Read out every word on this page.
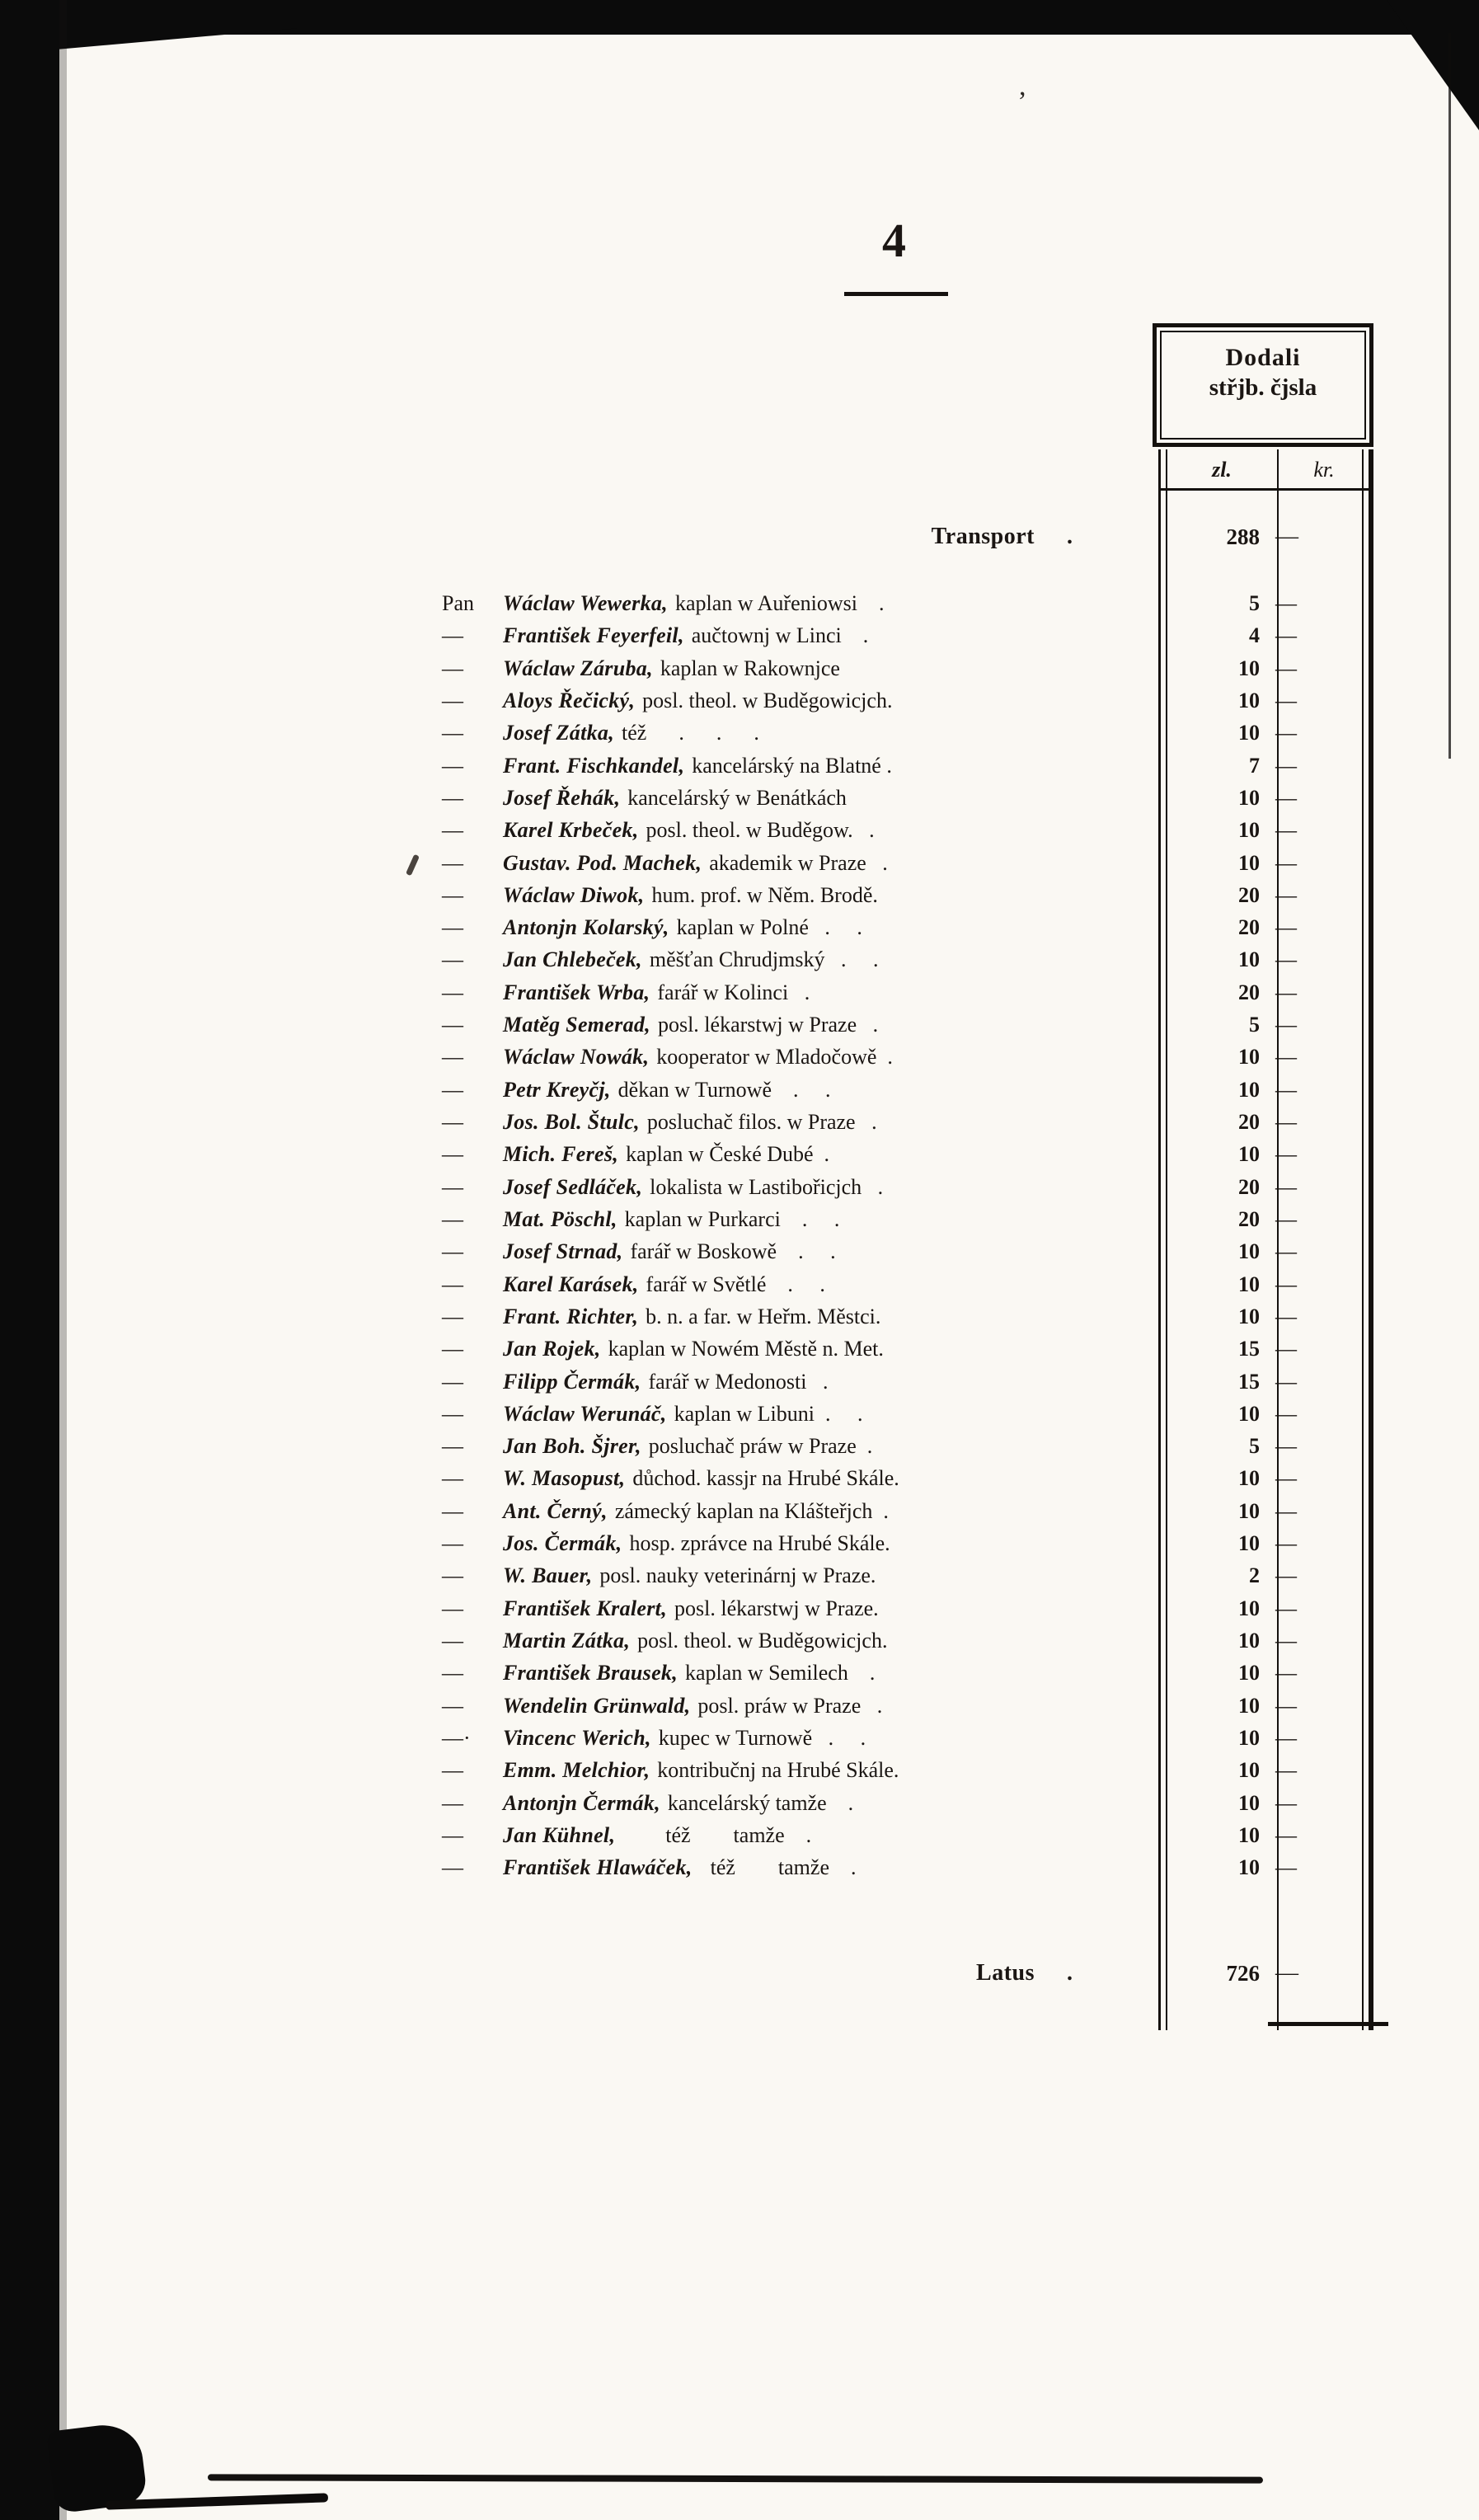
4
,
Dodali
střjb. čjsla
zl.	kr.
Transport .	288 —
Pan Wáclaw Wewerka, kaplan w Auřeniowsi    .	5 —
— František Feyerfeil, aučtownj w Linci    .	4 —
— Wáclaw Záruba, kaplan w Rakownjce	10 —
— Aloys Řečický, posl. theol. w Buděgowicjch.	10 —
— Josef Zátka, též      .      .      .	10 —
— Frant. Fischkandel, kancelárský na Blatné .	7 —
— Josef Řehák, kancelárský w Benátkách	10 —
— Karel Krbeček, posl. theol. w Buděgow.   .	10 —
— Gustav. Pod. Machek, akademik w Praze   .	10 —
— Wáclaw Diwok, hum. prof. w Něm. Brodě.	20 —
— Antonjn Kolarský, kaplan w Polné   .     .	20 —
— Jan Chlebeček, měšťan Chrudjmský   .     .	10 —
— František Wrba, farář w Kolinci   .	20 —
— Matěg Semerad, posl. lékarstwj w Praze   .	5 —
— Wáclaw Nowák, kooperator w Mladočowě  .	10 —
— Petr Kreyčj, děkan w Turnowě    .     .	10 —
— Jos. Bol. Štulc, posluchač filos. w Praze   .	20 —
— Mich. Fereš, kaplan w České Dubé  .	10 —
— Josef Sedláček, lokalista w Lastibořicjch   .	20 —
— Mat. Pöschl, kaplan w Purkarci    .     .	20 —
— Josef Strnad, farář w Boskowě    .     .	10 —
— Karel Karásek, farář w Světlé    .     .	10 —
— Frant. Richter, b. n. a far. w Heřm. Městci.	10 —
— Jan Rojek, kaplan w Nowém Městě n. Met.	15 —
— Filipp Čermák, farář w Medonosti   .	15 —
— Wáclaw Werunáč, kaplan w Libuni  .     .	10 —
— Jan Boh. Šjrer, posluchač práw w Praze  .	5 —
— W. Masopust, důchod. kassjr na Hrubé Skále.	10 —
— Ant. Černý, zámecký kaplan na Klášteřjch  .	10 —
— Jos. Čermák, hosp. zprávce na Hrubé Skále.	10 —
— W. Bauer, posl. nauky veterinárnj w Praze.	2 —
— František Kralert, posl. lékarstwj w Praze.	10 —
— Martin Zátka, posl. theol. w Buděgowicjch.	10 —
— František Brausek, kaplan w Semilech    .	10 —
— Wendelin Grünwald, posl. práw w Praze   .	10 —
—· Vincenc Werich, kupec w Turnowě   .     .	10 —
— Emm. Melchior, kontribučnj na Hrubé Skále.	10 —
— Antonjn Čermák, kancelárský tamže    .	10 —
— Jan Kühnel,        též        tamže    .	10 —
— František Hlawáček,  též        tamže    .	10 —
Latus .	726 —
